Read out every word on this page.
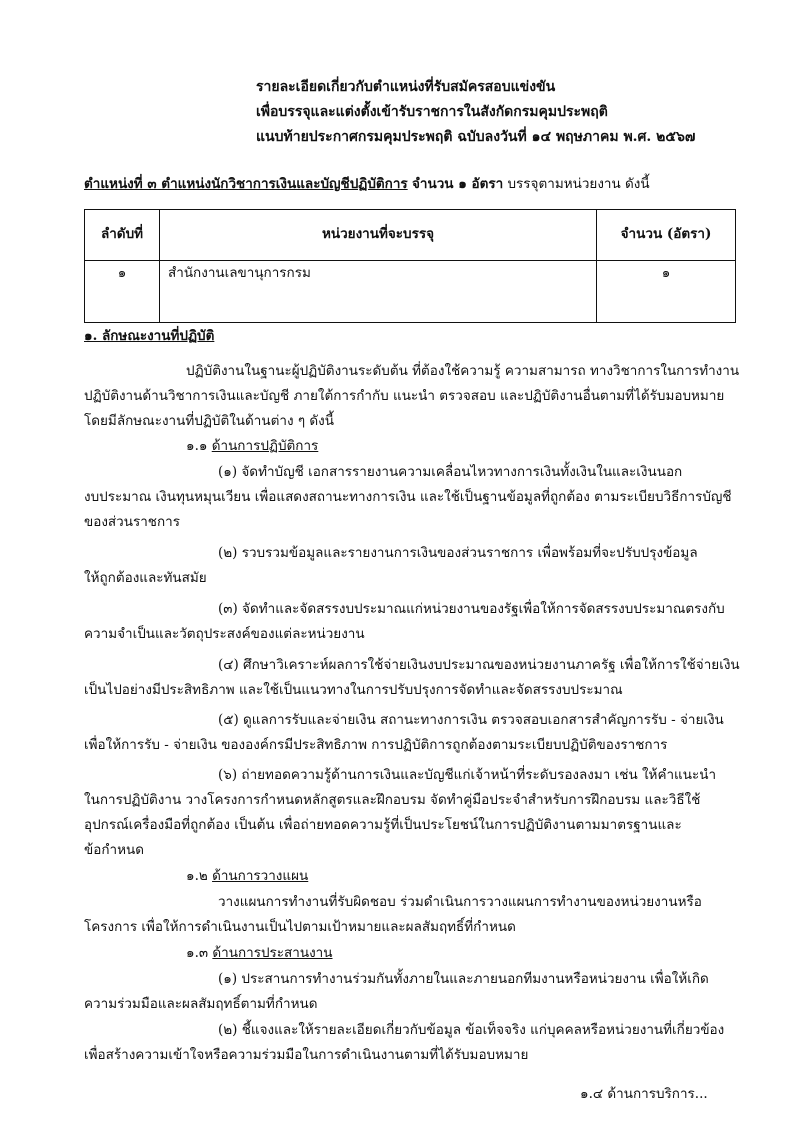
รายละเอียดเกี่ยวกับตำแหน่งที่รับสมัครสอบแข่งขัน
เพื่อบรรจุและแต่งตั้งเข้ารับราชการในสังกัดกรมคุมประพฤติ
แนบท้ายประกาศกรมคุมประพฤติ ฉบับลงวันที่ ๑๔ พฤษภาคม พ.ศ. ๒๕๖๗
ตำแหน่งที่ ๓ ตำแหน่งนักวิชาการเงินและบัญชีปฏิบัติการ จำนวน ๑ อัตรา บรรจุตามหน่วยงาน ดังนี้
ลำดับที่	หน่วยงานที่จะบรรจุ	จำนวน (อัตรา)
๑	สำนักงานเลขานุการกรม	๑
๑. ลักษณะงานที่ปฏิบัติ
ปฏิบัติงานในฐานะผู้ปฏิบัติงานระดับต้น ที่ต้องใช้ความรู้ ความสามารถ ทางวิชาการในการทำงาน
ปฏิบัติงานด้านวิชาการเงินและบัญชี ภายใต้การกำกับ แนะนำ ตรวจสอบ และปฏิบัติงานอื่นตามที่ได้รับมอบหมาย
โดยมีลักษณะงานที่ปฏิบัติในด้านต่าง ๆ ดังนี้
๑.๑ ด้านการปฏิบัติการ
(๑) จัดทำบัญชี เอกสารรายงานความเคลื่อนไหวทางการเงินทั้งเงินในและเงินนอก
งบประมาณ เงินทุนหมุนเวียน เพื่อแสดงสถานะทางการเงิน และใช้เป็นฐานข้อมูลที่ถูกต้อง ตามระเบียบวิธีการบัญชี
ของส่วนราชการ
(๒) รวบรวมข้อมูลและรายงานการเงินของส่วนราชการ เพื่อพร้อมที่จะปรับปรุงข้อมูล
ให้ถูกต้องและทันสมัย
(๓) จัดทำและจัดสรรงบประมาณแก่หน่วยงานของรัฐเพื่อให้การจัดสรรงบประมาณตรงกับ
ความจำเป็นและวัตถุประสงค์ของแต่ละหน่วยงาน
(๔) ศึกษาวิเคราะห์ผลการใช้จ่ายเงินงบประมาณของหน่วยงานภาครัฐ เพื่อให้การใช้จ่ายเงิน
เป็นไปอย่างมีประสิทธิภาพ และใช้เป็นแนวทางในการปรับปรุงการจัดทำและจัดสรรงบประมาณ
(๕) ดูแลการรับและจ่ายเงิน สถานะทางการเงิน ตรวจสอบเอกสารสำคัญการรับ - จ่ายเงิน
เพื่อให้การรับ - จ่ายเงิน ขององค์กรมีประสิทธิภาพ การปฏิบัติการถูกต้องตามระเบียบปฏิบัติของราชการ
(๖) ถ่ายทอดความรู้ด้านการเงินและบัญชีแก่เจ้าหน้าที่ระดับรองลงมา เช่น ให้คำแนะนำ
ในการปฏิบัติงาน วางโครงการกำหนดหลักสูตรและฝึกอบรม จัดทำคู่มือประจำสำหรับการฝึกอบรม และวิธีใช้
อุปกรณ์เครื่องมือที่ถูกต้อง เป็นต้น เพื่อถ่ายทอดความรู้ที่เป็นประโยชน์ในการปฏิบัติงานตามมาตรฐานและ
ข้อกำหนด
๑.๒ ด้านการวางแผน
วางแผนการทำงานที่รับผิดชอบ ร่วมดำเนินการวางแผนการทำงานของหน่วยงานหรือ
โครงการ เพื่อให้การดำเนินงานเป็นไปตามเป้าหมายและผลสัมฤทธิ์ที่กำหนด
๑.๓ ด้านการประสานงาน
(๑) ประสานการทำงานร่วมกันทั้งภายในและภายนอกทีมงานหรือหน่วยงาน เพื่อให้เกิด
ความร่วมมือและผลสัมฤทธิ์ตามที่กำหนด
(๒) ชี้แจงและให้รายละเอียดเกี่ยวกับข้อมูล ข้อเท็จจริง แก่บุคคลหรือหน่วยงานที่เกี่ยวข้อง
เพื่อสร้างความเข้าใจหรือความร่วมมือในการดำเนินงานตามที่ได้รับมอบหมาย
๑.๔ ด้านการบริการ...
